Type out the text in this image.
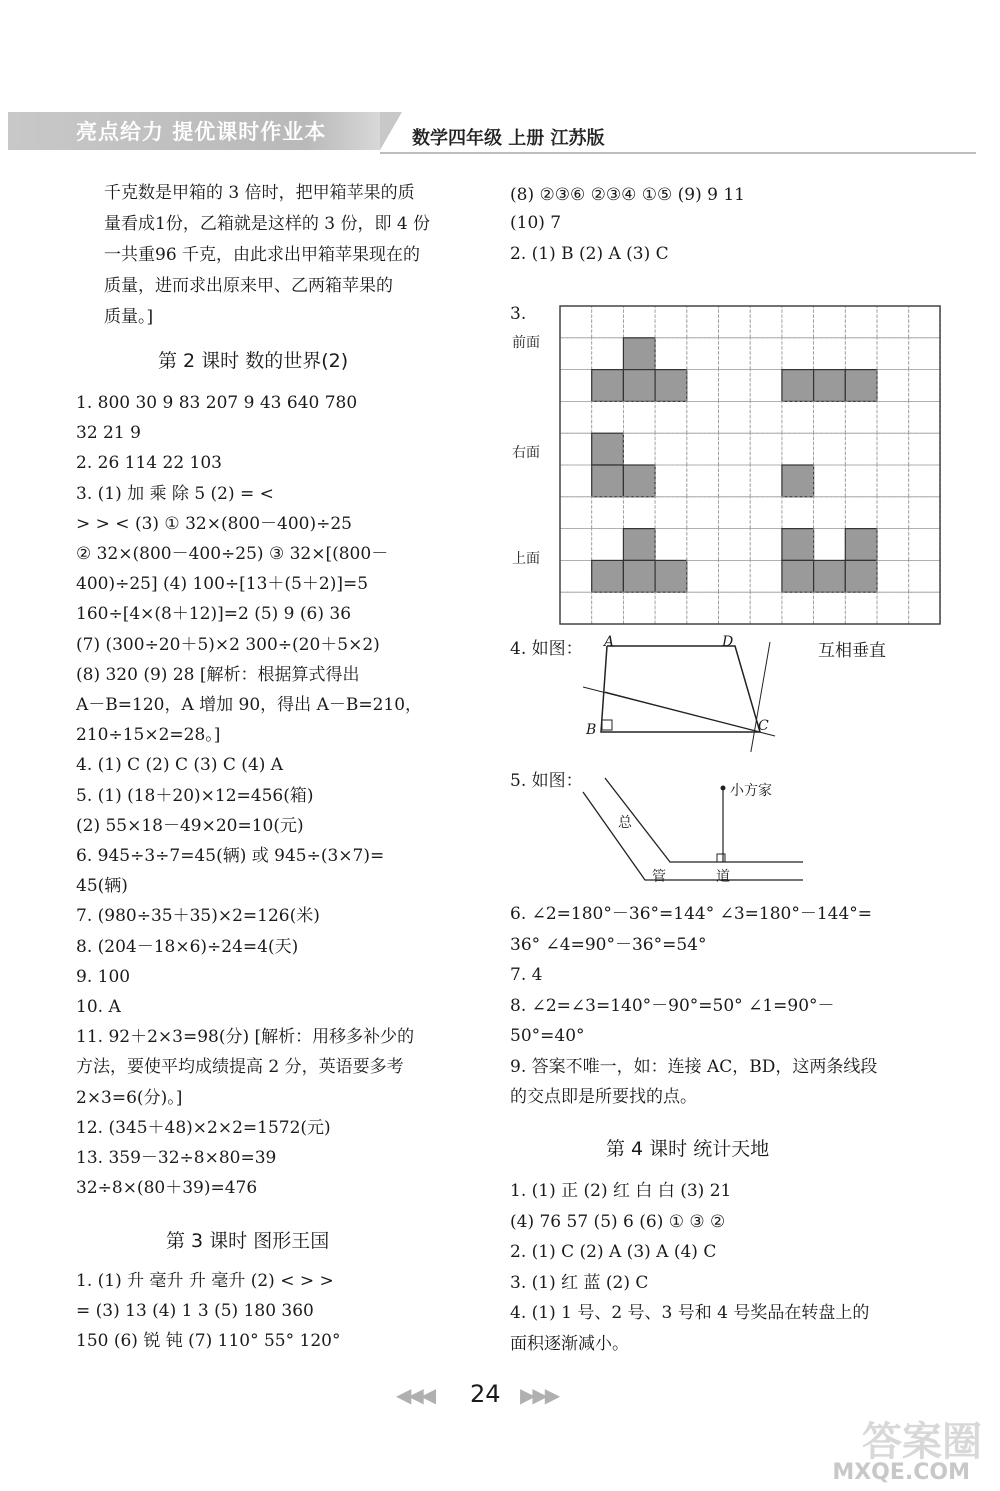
亮点给力 提优课时作业本	数学四年级 上册 江苏版
千克数是甲箱的 3 倍时，把甲箱苹果的质
量看成1份，乙箱就是这样的 3 份，即 4 份
一共重96 千克，由此求出甲箱苹果现在的
质量，进而求出原来甲、乙两箱苹果的
质量。]
第 2 课时 数的世界(2)
1. 800 30 9 83 207 9 43 640 780
32 21 9
2. 26 114 22 103
3. (1) 加 乘 除 5 (2) = <
> > < (3) ① 32×(800－400)÷25
② 32×(800－400÷25) ③ 32×[(800－
400)÷25] (4) 100÷[13＋(5＋2)]=5
160÷[4×(8＋12)]=2 (5) 9 (6) 36
(7) (300÷20＋5)×2 300÷(20＋5×2)
(8) 320 (9) 28 [解析：根据算式得出
A－B=120，A 增加 90，得出 A－B=210，
210÷15×2=28。]
4. (1) C (2) C (3) C (4) A
5. (1) (18＋20)×12=456(箱)
(2) 55×18－49×20=10(元)
6. 945÷3÷7=45(辆) 或 945÷(3×7)=
45(辆)
7. (980÷35＋35)×2=126(米)
8. (204－18×6)÷24=4(天)
9. 100
10. A
11. 92＋2×3=98(分) [解析：用移多补少的
方法，要使平均成绩提高 2 分，英语要多考
2×3=6(分)。]
12. (345＋48)×2×2=1572(元)
13. 359－32÷8×80=39
32÷8×(80＋39)=476
第 3 课时 图形王国
1. (1) 升 毫升 升 毫升 (2) < > >
= (3) 13 (4) 1 3 (5) 180 360
150 (6) 锐 钝 (7) 110° 55° 120°
(8) ②③⑥ ②③④ ①⑤ (9) 9 11
(10) 7
2. (1) B (2) A (3) C
3.
前面
右面
上面
4. 如图：	互相垂直
A	D
B	C
5. 如图：	小方家
总
管	道
6. ∠2=180°－36°=144° ∠3=180°－144°=
36° ∠4=90°－36°=54°
7. 4
8. ∠2=∠3=140°－90°=50° ∠1=90°－
50°=40°
9. 答案不唯一，如：连接 AC，BD，这两条线段
的交点即是所要找的点。
第 4 课时 统计天地
1. (1) 正 (2) 红 白 白 (3) 21
(4) 76 57 (5) 6 (6) ① ③ ②
2. (1) C (2) A (3) A (4) C
3. (1) 红 蓝 (2) C
4. (1) 1 号、2 号、3 号和 4 号奖品在转盘上的
面积逐渐减小。
◀◀◀ 24 ▶▶▶
答案圈
MXQE.COM
